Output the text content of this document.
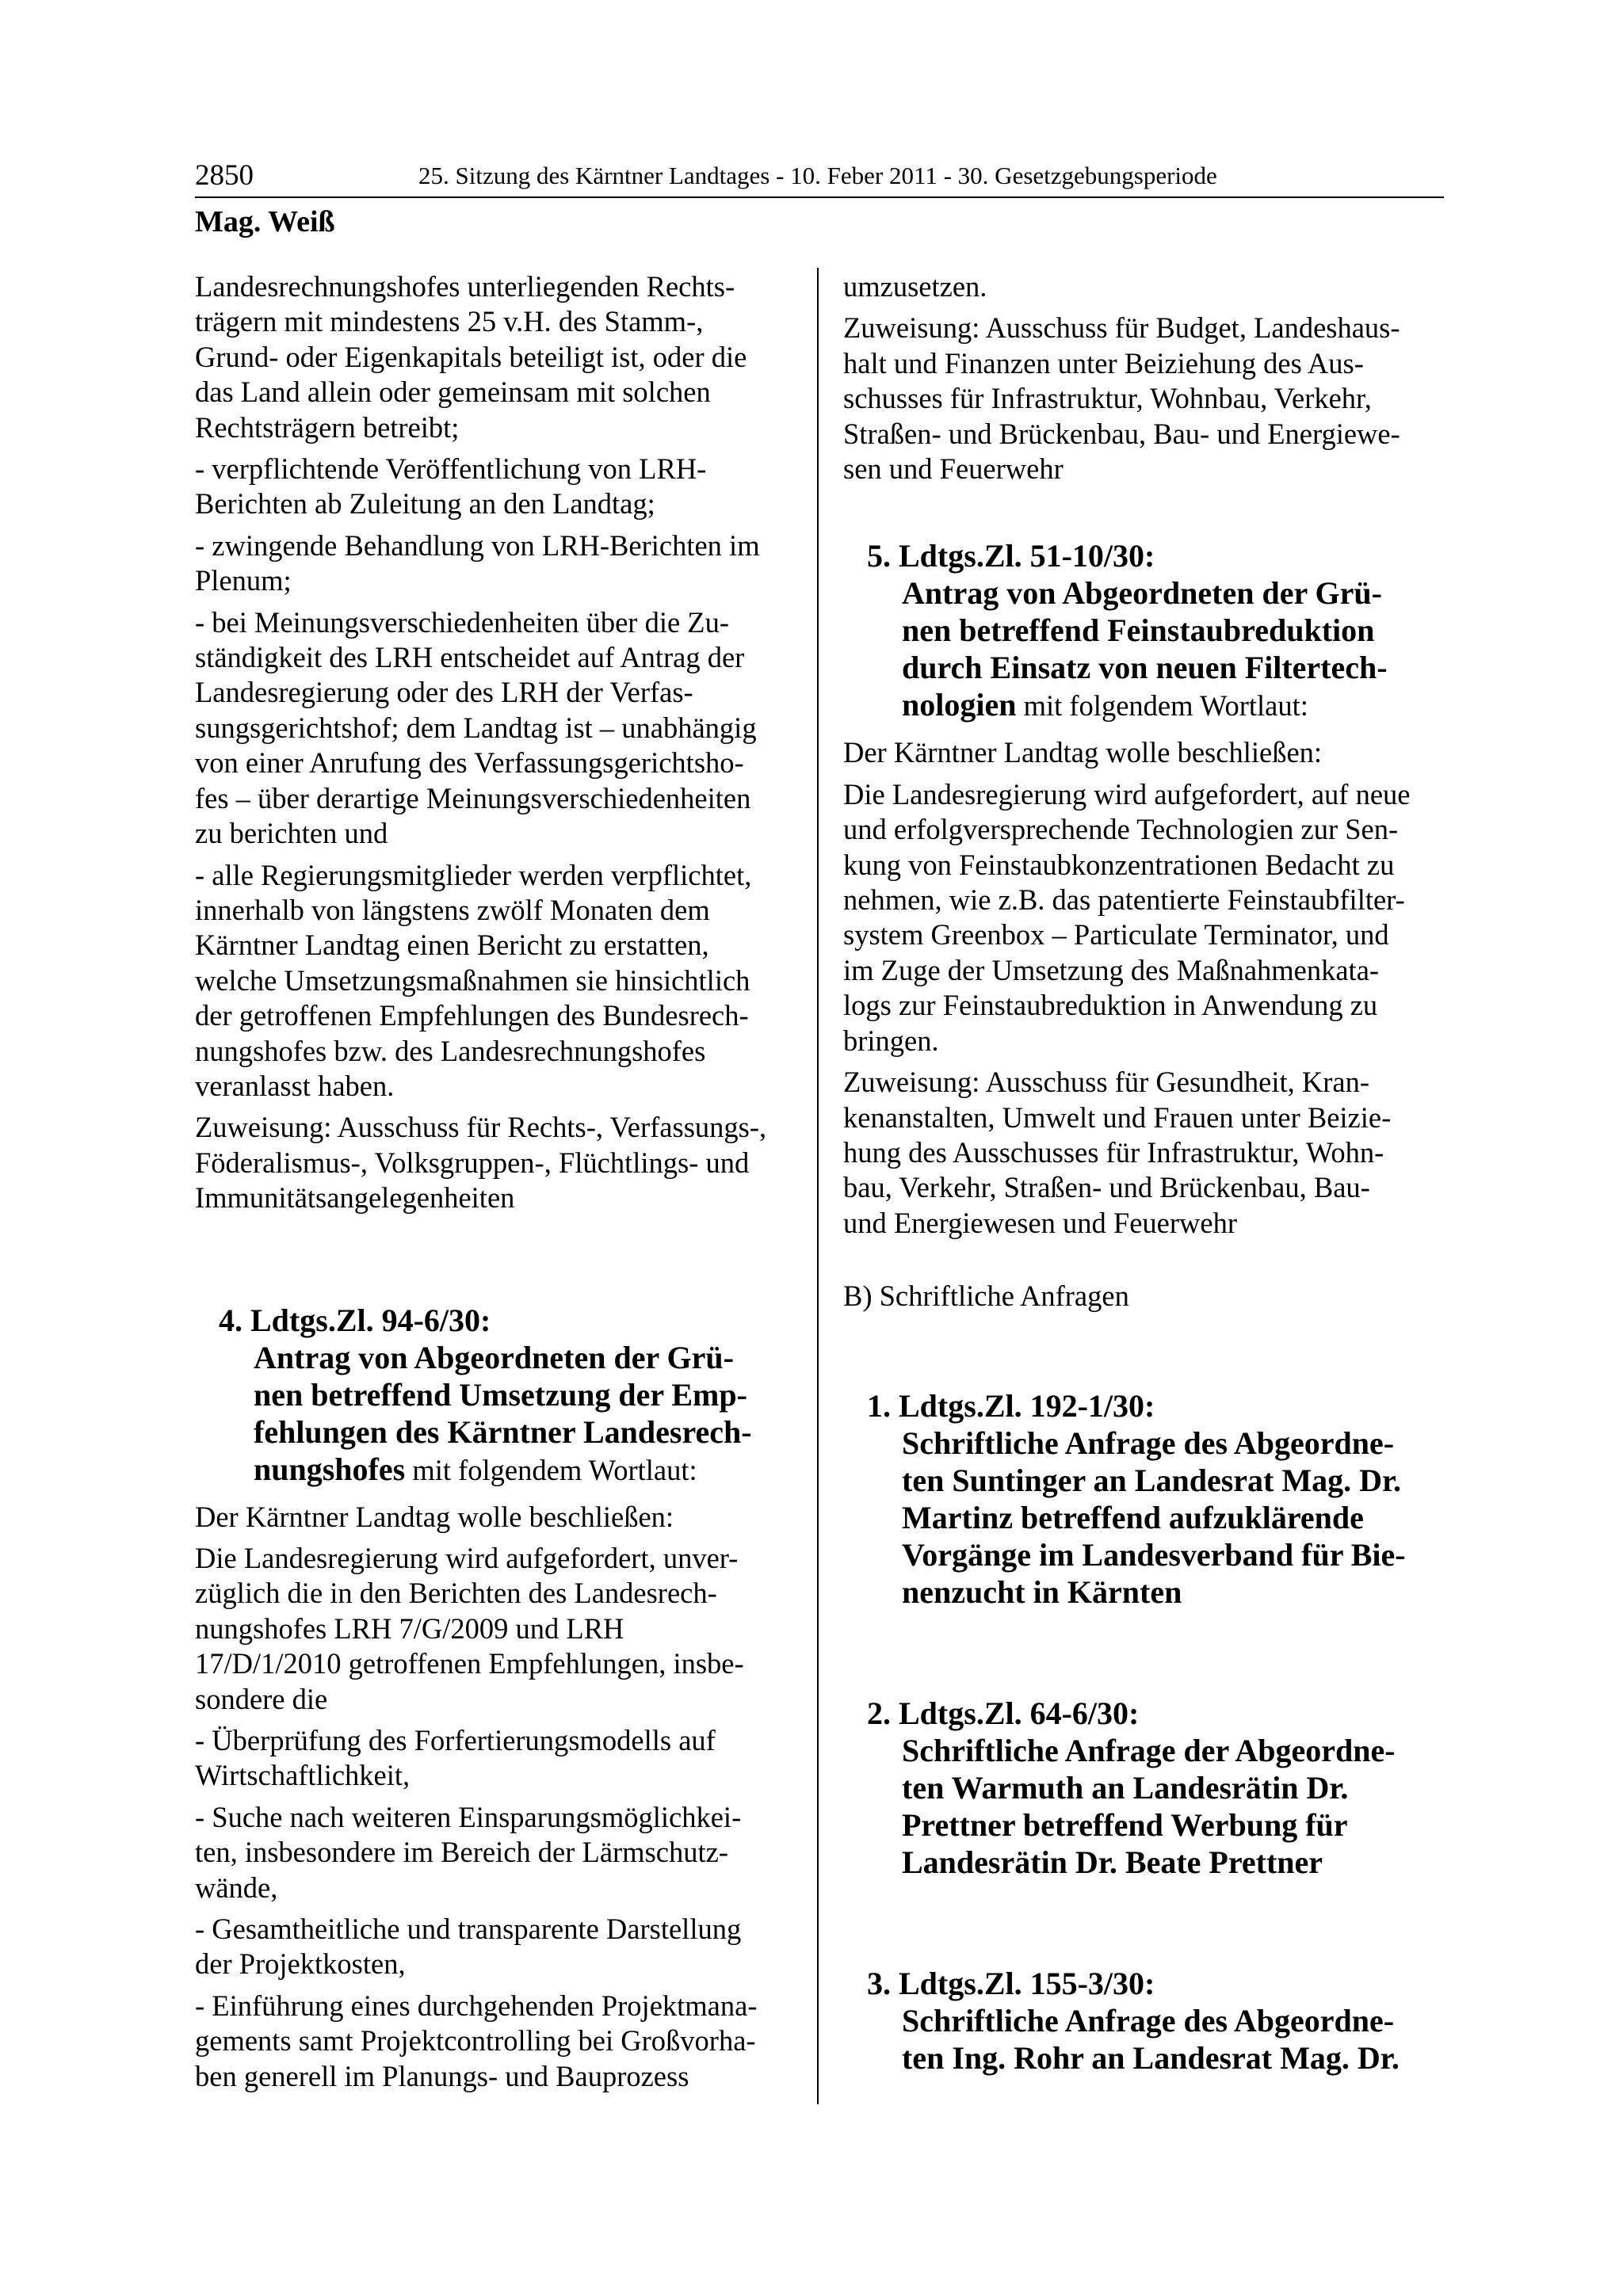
2850	25. Sitzung des Kärntner Landtages - 10. Feber 2011 - 30. Gesetzgebungsperiode
Mag. Weiß
Landesrechnungshofes unterliegenden Rechts-
trägern mit mindestens 25 v.H. des Stamm-,
Grund- oder Eigenkapitals beteiligt ist, oder die
das Land allein oder gemeinsam mit solchen
Rechtsträgern betreibt;
- verpflichtende Veröffentlichung von LRH-
Berichten ab Zuleitung an den Landtag;
- zwingende Behandlung von LRH-Berichten im
Plenum;
- bei Meinungsverschiedenheiten über die Zu-
ständigkeit des LRH entscheidet auf Antrag der
Landesregierung oder des LRH der Verfas-
sungsgerichtshof; dem Landtag ist – unabhängig
von einer Anrufung des Verfassungsgerichtsho-
fes – über derartige Meinungsverschiedenheiten
zu berichten und
- alle Regierungsmitglieder werden verpflichtet,
innerhalb von längstens zwölf Monaten dem
Kärntner Landtag einen Bericht zu erstatten,
welche Umsetzungsmaßnahmen sie hinsichtlich
der getroffenen Empfehlungen des Bundesrech-
nungshofes bzw. des Landesrechnungshofes
veranlasst haben.
Zuweisung: Ausschuss für Rechts-, Verfassungs-,
Föderalismus-, Volksgruppen-, Flüchtlings- und
Immunitätsangelegenheiten
4. Ldtgs.Zl. 94-6/30:
Antrag von Abgeordneten der Grü-
nen betreffend Umsetzung der Emp-
fehlungen des Kärntner Landesrech-
nungshofes mit folgendem Wortlaut:
Der Kärntner Landtag wolle beschließen:
Die Landesregierung wird aufgefordert, unver-
züglich die in den Berichten des Landesrech-
nungshofes LRH 7/G/2009 und LRH
17/D/1/2010 getroffenen Empfehlungen, insbe-
sondere die
- Überprüfung des Forfertierungsmodells auf
Wirtschaftlichkeit,
- Suche nach weiteren Einsparungsmöglichkei-
ten, insbesondere im Bereich der Lärmschutz-
wände,
- Gesamtheitliche und transparente Darstellung
der Projektkosten,
- Einführung eines durchgehenden Projektmana-
gements samt Projektcontrolling bei Großvorha-
ben generell im Planungs- und Bauprozess
umzusetzen.
Zuweisung: Ausschuss für Budget, Landeshaus-
halt und Finanzen unter Beiziehung des Aus-
schusses für Infrastruktur, Wohnbau, Verkehr,
Straßen- und Brückenbau, Bau- und Energiewe-
sen und Feuerwehr
5. Ldtgs.Zl. 51-10/30:
Antrag von Abgeordneten der Grü-
nen betreffend Feinstaubreduktion
durch Einsatz von neuen Filtertech-
nologien mit folgendem Wortlaut:
Der Kärntner Landtag wolle beschließen:
Die Landesregierung wird aufgefordert, auf neue
und erfolgversprechende Technologien zur Sen-
kung von Feinstaubkonzentrationen Bedacht zu
nehmen, wie z.B. das patentierte Feinstaubfilter-
system Greenbox – Particulate Terminator, und
im Zuge der Umsetzung des Maßnahmenkata-
logs zur Feinstaubreduktion in Anwendung zu
bringen.
Zuweisung: Ausschuss für Gesundheit, Kran-
kenanstalten, Umwelt und Frauen unter Beizie-
hung des Ausschusses für Infrastruktur, Wohn-
bau, Verkehr, Straßen- und Brückenbau, Bau-
und Energiewesen und Feuerwehr
B) Schriftliche Anfragen
1. Ldtgs.Zl. 192-1/30:
Schriftliche Anfrage des Abgeordne-
ten Suntinger an Landesrat Mag. Dr.
Martinz betreffend aufzuklärende
Vorgänge im Landesverband für Bie-
nenzucht in Kärnten
2. Ldtgs.Zl. 64-6/30:
Schriftliche Anfrage der Abgeordne-
ten Warmuth an Landesrätin Dr.
Prettner betreffend Werbung für
Landesrätin Dr. Beate Prettner
3. Ldtgs.Zl. 155-3/30:
Schriftliche Anfrage des Abgeordne-
ten Ing. Rohr an Landesrat Mag. Dr.
